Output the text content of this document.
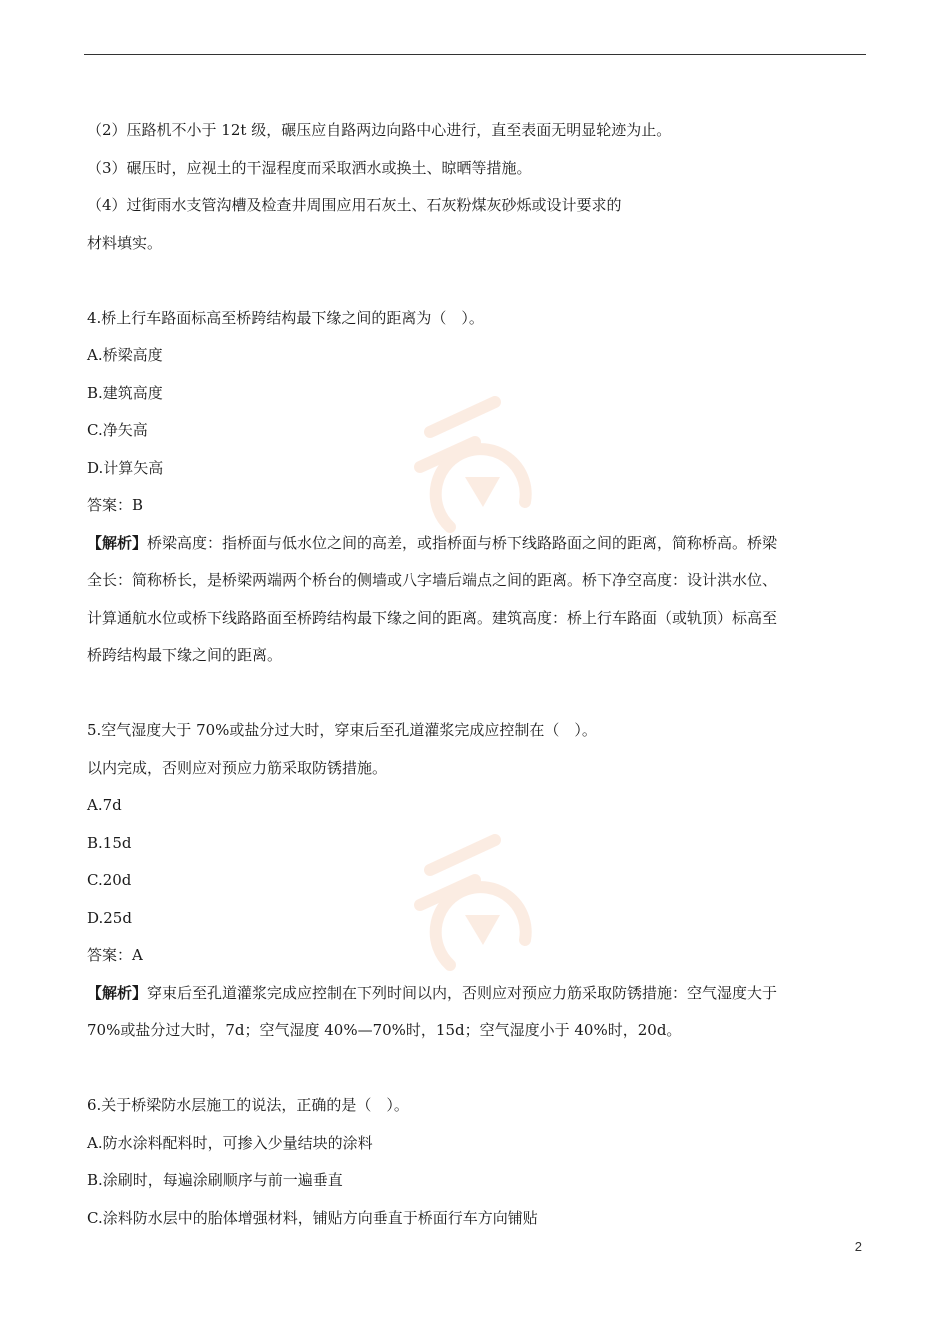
（2）压路机不小于 12t 级，碾压应自路两边向路中心进行，直至表面无明显轮迹为止。
（3）碾压时，应视土的干湿程度而采取洒水或换土、晾晒等措施。
（4）过街雨水支管沟槽及检查井周围应用石灰土、石灰粉煤灰砂烁或设计要求的
材料填实。
4.桥上行车路面标高至桥跨结构最下缘之间的距离为（　）。
A.桥梁高度
B.建筑高度
C.净矢高
D.计算矢高
答案：B
【解析】桥梁高度：指桥面与低水位之间的高差，或指桥面与桥下线路路面之间的距离，简称桥高。桥梁
全长：简称桥长，是桥梁两端两个桥台的侧墙或八字墙后端点之间的距离。桥下净空高度：设计洪水位、
计算通航水位或桥下线路路面至桥跨结构最下缘之间的距离。建筑高度：桥上行车路面（或轨顶）标高至
桥跨结构最下缘之间的距离。
5.空气湿度大于 70%或盐分过大时，穿束后至孔道灌浆完成应控制在（　）。
以内完成，否则应对预应力筋采取防锈措施。
A.7d
B.15d
C.20d
D.25d
答案：A
【解析】穿束后至孔道灌浆完成应控制在下列时间以内，否则应对预应力筋采取防锈措施：空气湿度大于
70%或盐分过大时，7d；空气湿度 40%—70%时，15d；空气湿度小于 40%时，20d。
6.关于桥梁防水层施工的说法，正确的是（　）。
A.防水涂料配料时，可掺入少量结块的涂料
B.涂刷时，每遍涂刷顺序与前一遍垂直
C.涂料防水层中的胎体增强材料，铺贴方向垂直于桥面行车方向铺贴
2
